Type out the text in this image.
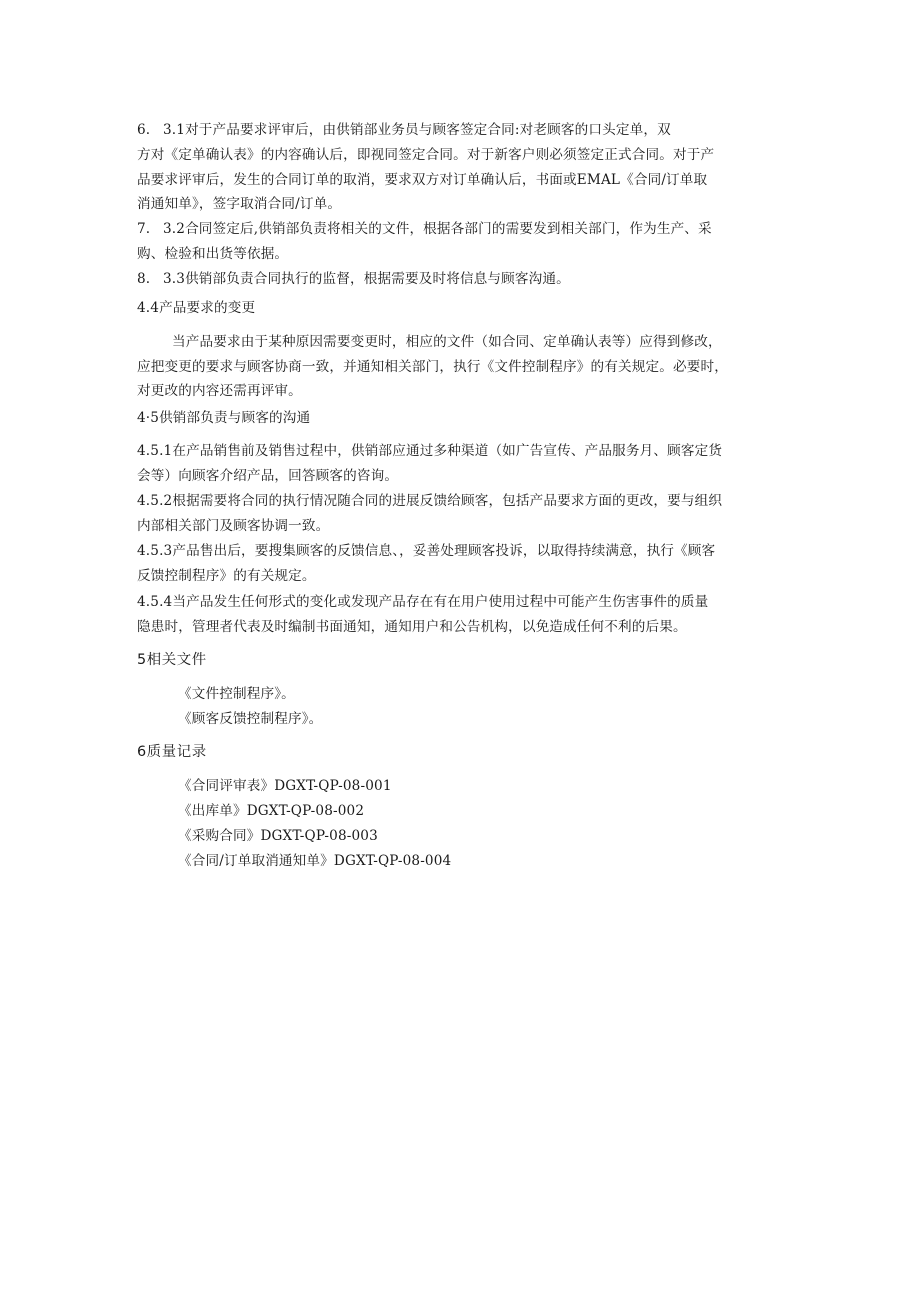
6. 3.1对于产品要求评审后，由供销部业务员与顾客签定合同:对老顾客的口头定单，双
方对《定单确认表》的内容确认后，即视同签定合同。对于新客户则必须签定正式合同。对于产
品要求评审后，发生的合同订单的取消，要求双方对订单确认后，书面或EMAL《合同/订单取
消通知单》，签字取消合同/订单。
7. 3.2合同签定后,供销部负责将相关的文件，根据各部门的需要发到相关部门，作为生产、采
购、检验和出货等依据。
8. 3.3供销部负责合同执行的监督，根据需要及时将信息与顾客沟通。
4.4产品要求的变更
当产品要求由于某种原因需要变更时，相应的文件（如合同、定单确认表等）应得到修改，
应把变更的要求与顾客协商一致，并通知相关部门，执行《文件控制程序》的有关规定。必要时，
对更改的内容还需再评审。
4·5供销部负责与顾客的沟通
4.5.1在产品销售前及销售过程中，供销部应通过多种渠道（如广告宣传、产品服务月、顾客定货
会等）向顾客介绍产品，回答顾客的咨询。
4.5.2根据需要将合同的执行情况随合同的进展反馈给顾客，包括产品要求方面的更改，要与组织
内部相关部门及顾客协调一致。
4.5.3产品售出后，要搜集顾客的反馈信息、，妥善处理顾客投诉，以取得持续满意，执行《顾客
反馈控制程序》的有关规定。
4.5.4当产品发生任何形式的变化或发现产品存在有在用户使用过程中可能产生伤害事件的质量
隐患时，管理者代表及时编制书面通知，通知用户和公告机构，以免造成任何不利的后果。
5相关文件
《文件控制程序》。
《顾客反馈控制程序》。
6质量记录
《合同评审表》DGXT-QP-08-001
《出库单》DGXT-QP-08-002
《采购合同》DGXT-QP-08-003
《合同/订单取消通知单》DGXT-QP-08-004
